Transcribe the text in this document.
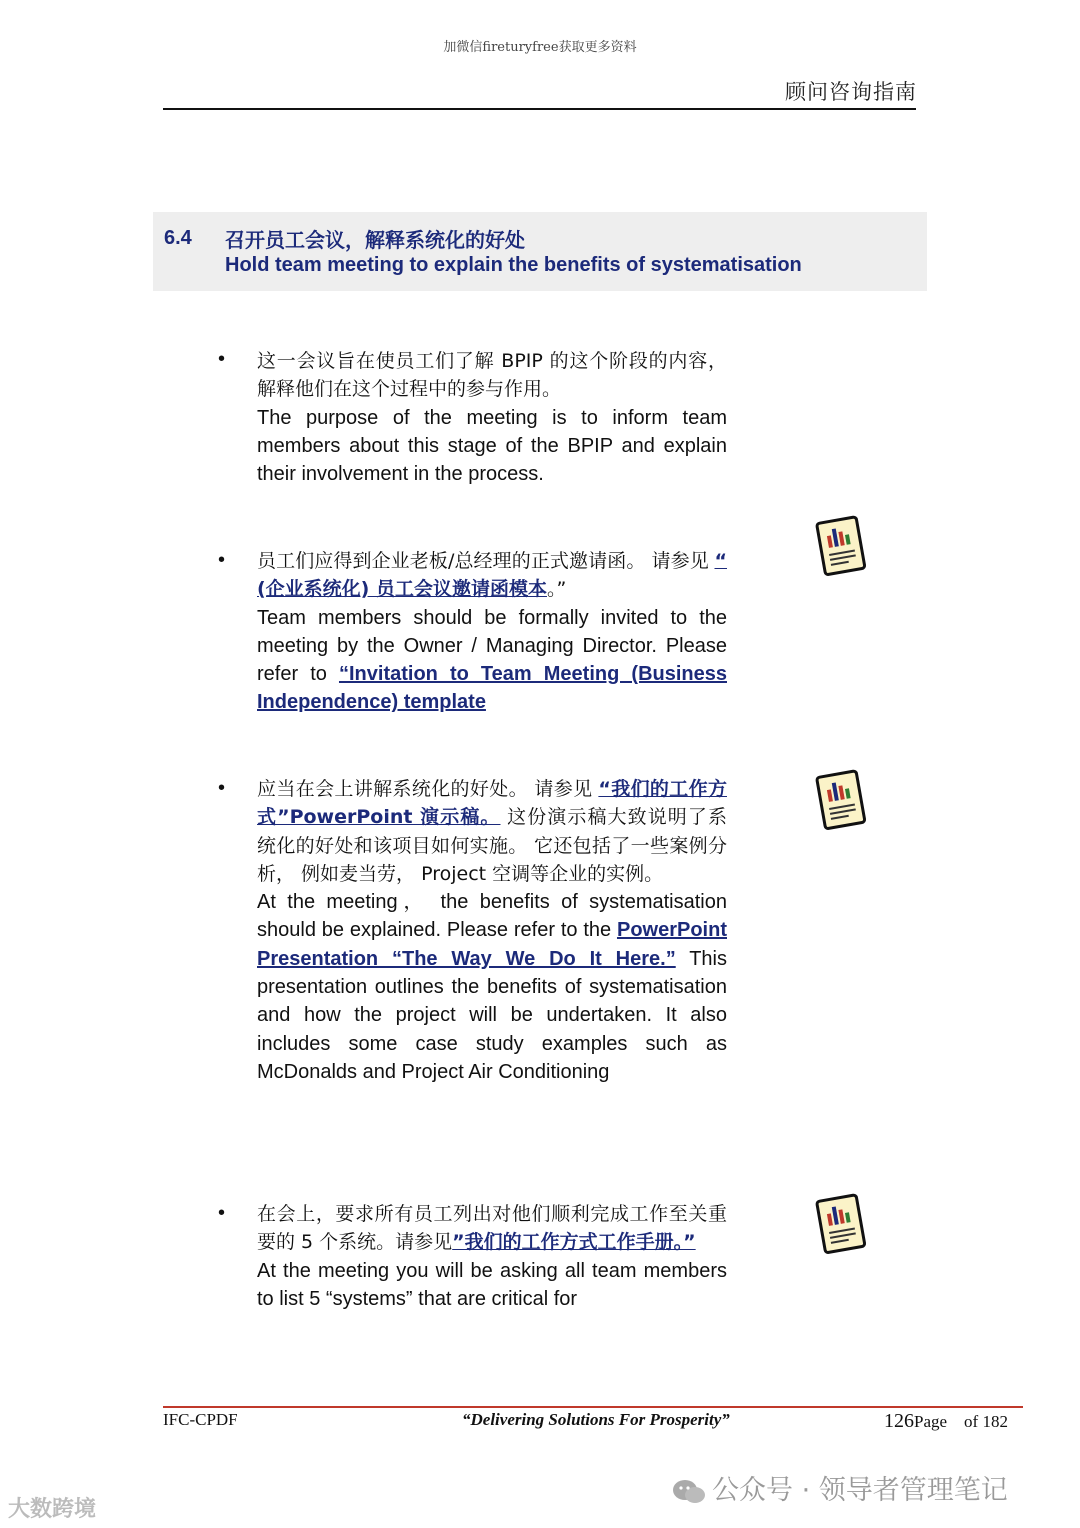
加微信fireturyfree获取更多资料
顾问咨询指南
6.4 召开员工会议，解释系统化的好处
Hold team meeting to explain the benefits of systematisation
• 这一会议旨在使员工们了解 BPIP 的这个阶段的内容，解释他们在这个过程中的参与作用。
The purpose of the meeting is to inform team members about this stage of the BPIP and explain their involvement in the process.
• 员工们应得到企业老板/总经理的正式邀请函。 请参见 “ (企业系统化) 员工会议邀请函模本。”
Team members should be formally invited to the meeting by the Owner / Managing Director. Please refer to “Invitation to Team Meeting (Business Independence) template
• 应当在会上讲解系统化的好处。 请参见 “我们的工作方式”PowerPoint 演示稿。 这份演示稿大致说明了系统化的好处和该项目如何实施。 它还包括了一些案例分析， 例如麦当劳， Project 空调等企业的实例。
At the meeting， the benefits of systematisation should be explained. Please refer to the PowerPoint Presentation “The Way We Do It Here.” This presentation outlines the benefits of systematisation and how the project will be undertaken. It also includes some case study examples such as McDonalds and Project Air Conditioning
• 在会上，要求所有员工列出对他们顺利完成工作至关重要的 5 个系统。请参见”我们的工作方式工作手册。”
At the meeting you will be asking all team members to list 5 “systems” that are critical for
IFC-CPDF	“Delivering Solutions For Prosperity”	126Page of 182
大数跨境
公众号 · 领导者管理笔记
